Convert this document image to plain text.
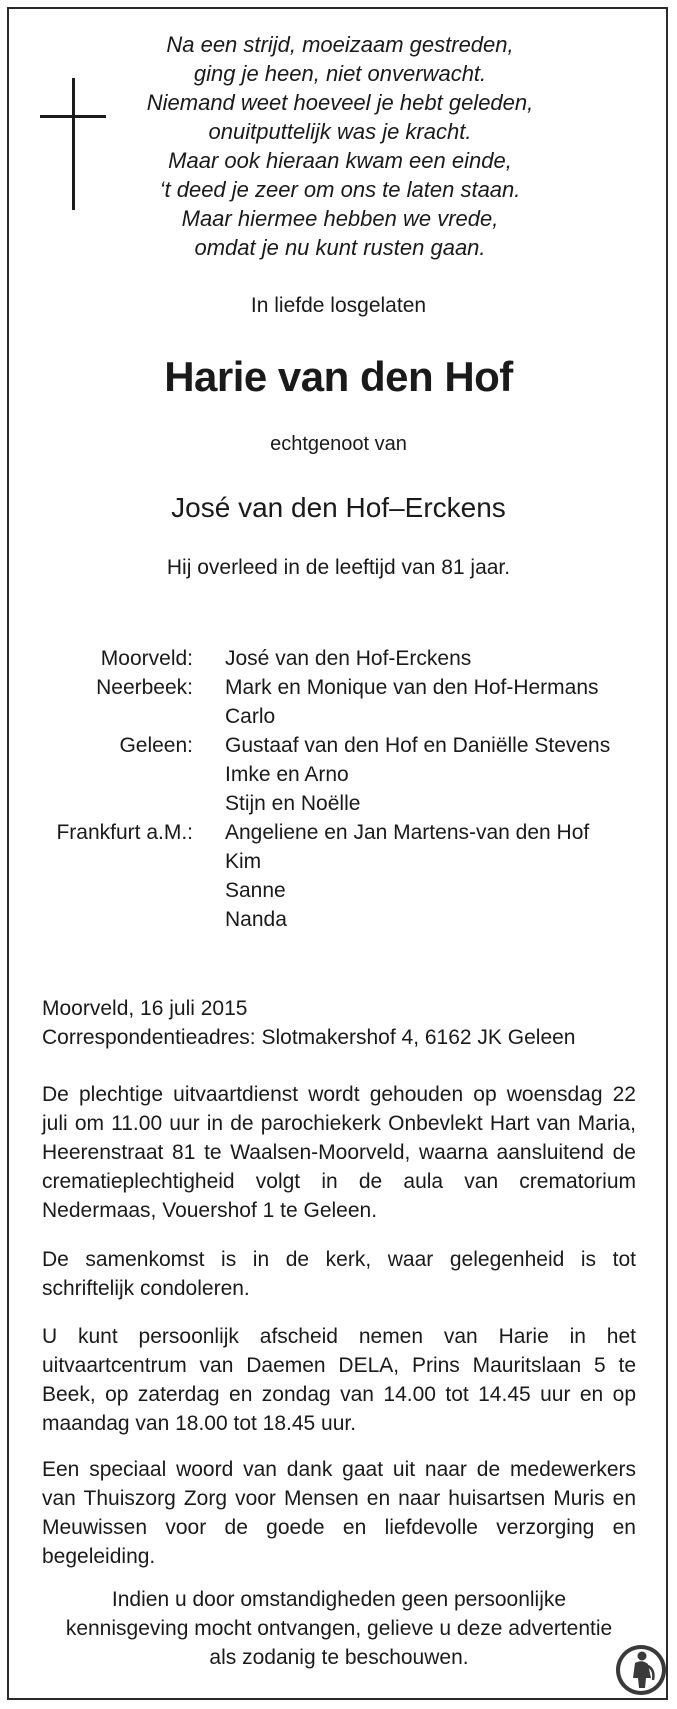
Na een strijd, moeizaam gestreden,
ging je heen, niet onverwacht.
Niemand weet hoeveel je hebt geleden,
onuitputtelijk was je kracht.
Maar ook hieraan kwam een einde,
‘t deed je zeer om ons te laten staan.
Maar hiermee hebben we vrede,
omdat je nu kunt rusten gaan.
In liefde losgelaten
Harie van den Hof
echtgenoot van
José van den Hof–Erckens
Hij overleed in de leeftijd van 81 jaar.
Moorveld: José van den Hof-Erckens
Neerbeek: Mark en Monique van den Hof-Hermans
Carlo
Geleen: Gustaaf van den Hof en Daniëlle Stevens
Imke en Arno
Stijn en Noëlle
Frankfurt a.M.: Angeliene en Jan Martens-van den Hof
Kim
Sanne
Nanda
Moorveld, 16 juli 2015
Correspondentieadres: Slotmakershof 4, 6162 JK Geleen
De plechtige uitvaartdienst wordt gehouden op woensdag 22 juli om 11.00 uur in de parochiekerk Onbevlekt Hart van Maria, Heerenstraat 81 te Waalsen-Moorveld, waarna aansluitend de crematieplechtigheid volgt in de aula van crematorium Nedermaas, Vouershof 1 te Geleen.
De samenkomst is in de kerk, waar gelegenheid is tot schriftelijk condoleren.
U kunt persoonlijk afscheid nemen van Harie in het uitvaartcentrum van Daemen DELA, Prins Mauritslaan 5 te Beek, op zaterdag en zondag van 14.00 tot 14.45 uur en op maandag van 18.00 tot 18.45 uur.
Een speciaal woord van dank gaat uit naar de medewerkers van Thuiszorg Zorg voor Mensen en naar huisartsen Muris en Meuwissen voor de goede en liefdevolle verzorging en begeleiding.
Indien u door omstandigheden geen persoonlijke
kennisgeving mocht ontvangen, gelieve u deze advertentie
als zodanig te beschouwen.
